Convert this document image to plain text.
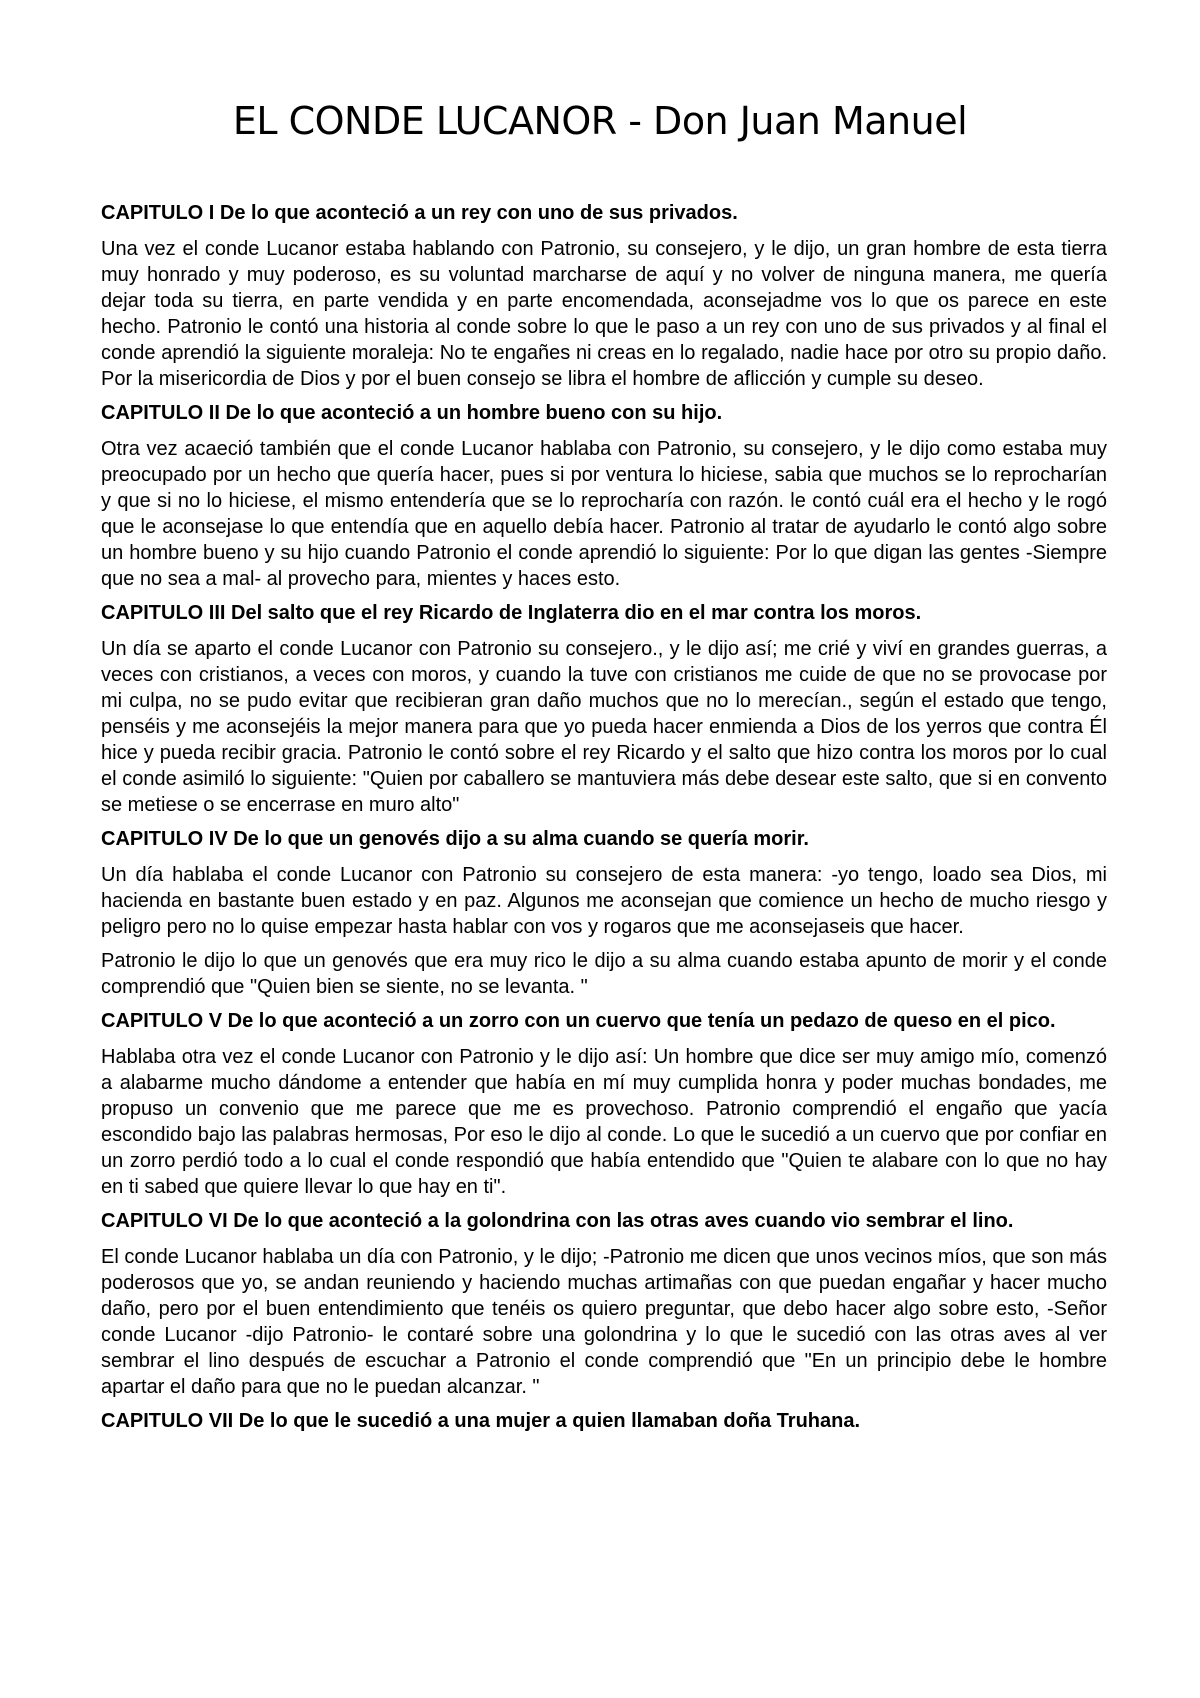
EL CONDE LUCANOR - Don Juan Manuel

CAPITULO I De lo que aconteció a un rey con uno de sus privados.

Una vez el conde Lucanor estaba hablando con Patronio, su consejero, y le dijo, un gran hombre de esta tierra muy honrado y muy poderoso, es su voluntad marcharse de aquí y no volver de ninguna manera, me quería dejar toda su tierra, en parte vendida y en parte encomendada, aconsejadme vos lo que os parece en este hecho. Patronio le contó una historia al conde sobre lo que le paso a un rey con uno de sus privados y al final el conde aprendió la siguiente moraleja: No te engañes ni creas en lo regalado, nadie hace por otro su propio daño. Por la misericordia de Dios y por el buen consejo se libra el hombre de aflicción y cumple su deseo.

CAPITULO II De lo que aconteció a un hombre bueno con su hijo.

Otra vez acaeció también que el conde Lucanor hablaba con Patronio, su consejero, y le dijo como estaba muy preocupado por un hecho que quería hacer, pues si por ventura lo hiciese, sabia que muchos se lo reprocharían y que si no lo hiciese, el mismo entendería que se lo reprocharía con razón. le contó cuál era el hecho y le rogó que le aconsejase lo que entendía que en aquello debía hacer. Patronio al tratar de ayudarlo le contó algo sobre un hombre bueno y su hijo cuando Patronio el conde aprendió lo siguiente: Por lo que digan las gentes -Siempre que no sea a mal- al provecho para, mientes y haces esto.

CAPITULO III Del salto que el rey Ricardo de Inglaterra dio en el mar contra los moros.

Un día se aparto el conde Lucanor con Patronio su consejero., y le dijo así; me crié y viví en grandes guerras, a veces con cristianos, a veces con moros, y cuando la tuve con cristianos me cuide de que no se provocase por mi culpa, no se pudo evitar que recibieran gran daño muchos que no lo merecían., según el estado que tengo, penséis y me aconsejéis la mejor manera para que yo pueda hacer enmienda a Dios de los yerros que contra Él hice y pueda recibir gracia. Patronio le contó sobre el rey Ricardo y el salto que hizo contra los moros por lo cual el conde asimiló lo siguiente: "Quien por caballero se mantuviera más debe desear este salto, que si en convento se metiese o se encerrase en muro alto"

CAPITULO IV De lo que un genovés dijo a su alma cuando se quería morir.

Un día hablaba el conde Lucanor con Patronio su consejero de esta manera: -yo tengo, loado sea Dios, mi hacienda en bastante buen estado y en paz. Algunos me aconsejan que comience un hecho de mucho riesgo y peligro pero no lo quise empezar hasta hablar con vos y rogaros que me aconsejaseis que hacer.

Patronio le dijo lo que un genovés que era muy rico le dijo a su alma cuando estaba apunto de morir y el conde comprendió que "Quien bien se siente, no se levanta. "

CAPITULO V De lo que aconteció a un zorro con un cuervo que tenía un pedazo de queso en el pico.

Hablaba otra vez el conde Lucanor con Patronio y le dijo así: Un hombre que dice ser muy amigo mío, comenzó a alabarme mucho dándome a entender que había en mí muy cumplida honra y poder muchas bondades, me propuso un convenio que me parece que me es provechoso. Patronio comprendió el engaño que yacía escondido bajo las palabras hermosas, Por eso le dijo al conde. Lo que le sucedió a un cuervo que por confiar en un zorro perdió todo a lo cual el conde respondió que había entendido que "Quien te alabare con lo que no hay en ti sabed que quiere llevar lo que hay en ti".

CAPITULO VI De lo que aconteció a la golondrina con las otras aves cuando vio sembrar el lino.

El conde Lucanor hablaba un día con Patronio, y le dijo; -Patronio me dicen que unos vecinos míos, que son más poderosos que yo, se andan reuniendo y haciendo muchas artimañas con que puedan engañar y hacer mucho daño, pero por el buen entendimiento que tenéis os quiero preguntar, que debo hacer algo sobre esto, -Señor conde Lucanor -dijo Patronio- le contaré sobre una golondrina y lo que le sucedió con las otras aves al ver sembrar el lino después de escuchar a Patronio el conde comprendió que "En un principio debe le hombre apartar el daño para que no le puedan alcanzar. "

CAPITULO VII De lo que le sucedió a una mujer a quien llamaban doña Truhana.
